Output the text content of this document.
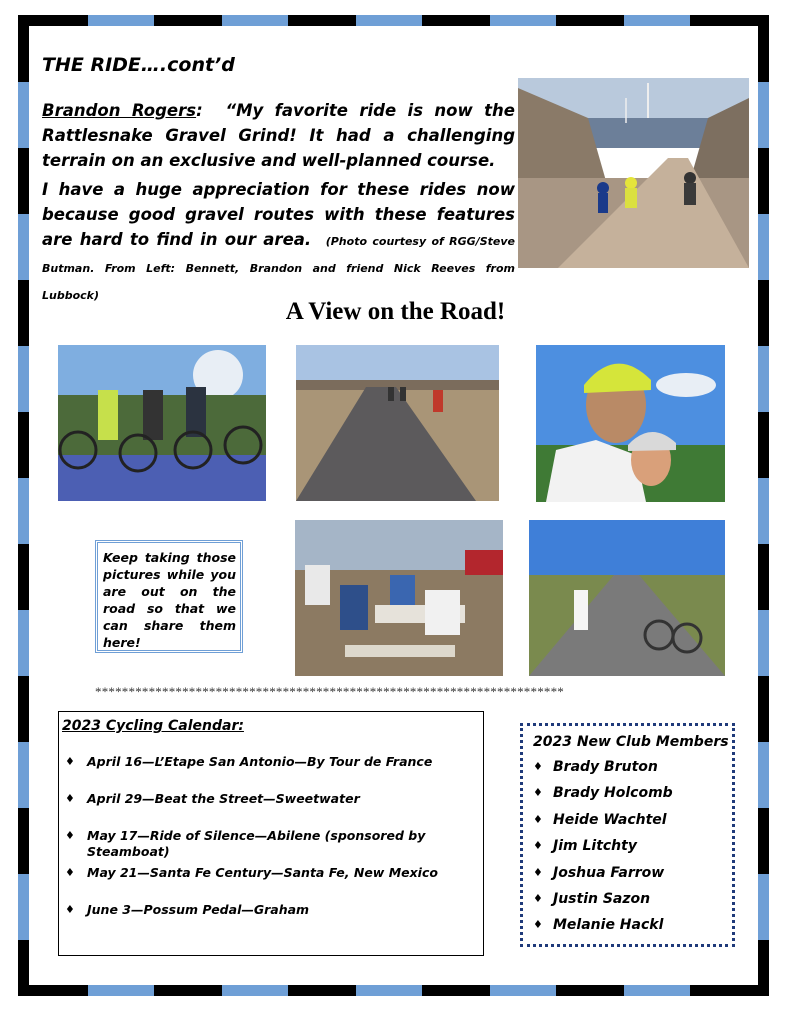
THE RIDE….cont’d

Brandon Rogers:  “My favorite ride is now the Rattlesnake Gravel Grind! It had a challenging terrain on an exclusive and well-planned course.

I have a huge appreciation for these rides now because good gravel routes with these features are hard to find in our area. (Photo courtesy of RGG/Steve Butman. From Left: Bennett, Brandon and friend Nick Reeves from Lubbock)

A View on the Road!
Keep taking those pictures while you are out on the road so that we can share them here!
**********************************************************************
2023 Cycling Calendar:
♦ April 16—L’Etape San Antonio—By Tour de France
♦ April 29—Beat the Street—Sweetwater
♦ May 17—Ride of Silence—Abilene (sponsored by Steamboat)
♦ May 21—Santa Fe Century—Santa Fe, New Mexico
♦ June 3—Possum Pedal—Graham
2023 New Club Members
♦ Brady Bruton
♦ Brady Holcomb
♦ Heide Wachtel
♦ Jim Litchty
♦ Joshua Farrow
♦ Justin Sazon
♦ Melanie Hackl
